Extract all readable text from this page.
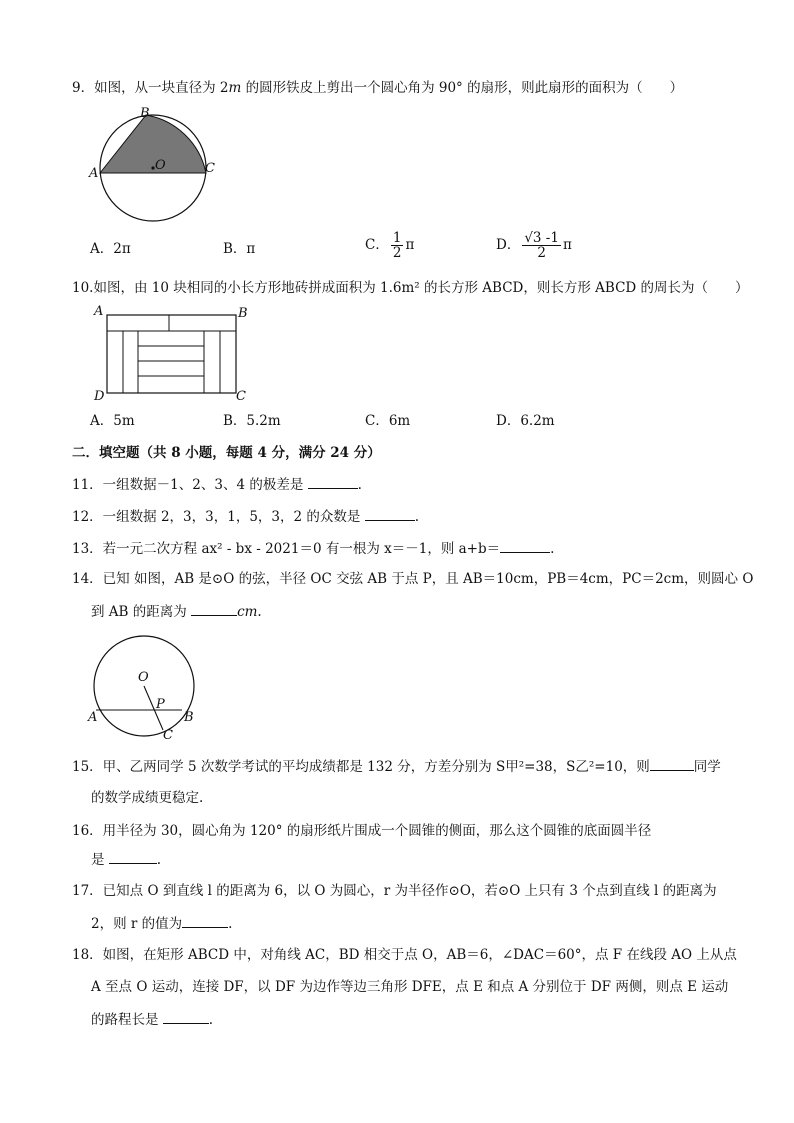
9．如图，从一块直径为 2m 的圆形铁皮上剪出一个圆心角为 90° 的扇形，则此扇形的面积为（　　）
B
A	C
O
A．2π	B．π	C． $\frac{1}{2}$ π	D． $\frac{√3 -1}{2}$ π
10.如图，由 10 块相同的小长方形地砖拼成面积为 1.6m² 的长方形 ABCD，则长方形 ABCD 的周长为（　　）
A	B
D	C
A．5m	B．5.2m	C．6m	D．6.2m
二．填空题（共 8 小题，每题 4 分，满分 24 分）
11．一组数据－1、2、3、4 的极差是	.
12．一组数据 2，3，3，1，5，3，2 的众数是	.
13．若一元二次方程 ax² - bx - 2021＝0 有一根为 x＝－1，则 a+b＝	.
14．已知 如图，AB 是⊙O 的弦，半径 OC 交弦 AB 于点 P，且 AB＝10cm，PB＝4cm，PC＝2cm，则圆心 O
到 AB 的距离为	cm.
O
P
A	B
C
15．甲、乙两同学 5 次数学考试的平均成绩都是 132 分，方差分别为 S甲²=38，S乙²=10，则	同学
的数学成绩更稳定.
16．用半径为 30，圆心角为 120° 的扇形纸片围成一个圆锥的侧面，那么这个圆锥的底面圆半径
是	.
17．已知点 O 到直线 l 的距离为 6，以 O 为圆心，r 为半径作⊙O，若⊙O 上只有 3 个点到直线 l 的距离为
2，则 r 的值为	.
18．如图，在矩形 ABCD 中，对角线 AC，BD 相交于点 O，AB＝6，∠DAC＝60°，点 F 在线段 AO 上从点
A 至点 O 运动，连接 DF，以 DF 为边作等边三角形 DFE，点 E 和点 A 分别位于 DF 两侧，则点 E 运动
的路程长是	.
